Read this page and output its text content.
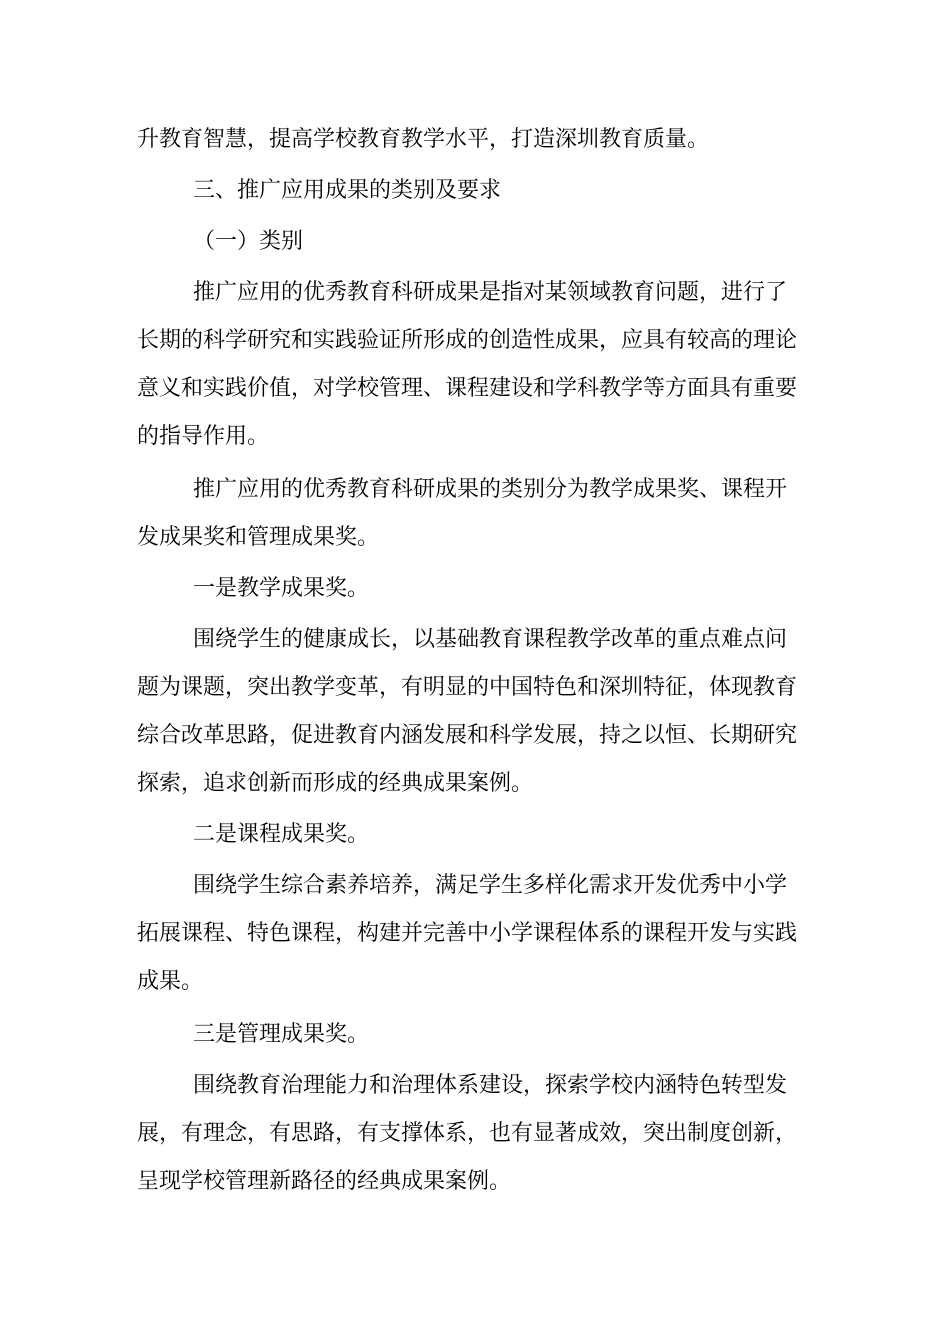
升教育智慧，提高学校教育教学水平，打造深圳教育质量。
三、推广应用成果的类别及要求
（一）类别
推广应用的优秀教育科研成果是指对某领域教育问题，进行了
长期的科学研究和实践验证所形成的创造性成果，应具有较高的理论
意义和实践价值，对学校管理、课程建设和学科教学等方面具有重要
的指导作用。
推广应用的优秀教育科研成果的类别分为教学成果奖、课程开
发成果奖和管理成果奖。
一是教学成果奖。
围绕学生的健康成长，以基础教育课程教学改革的重点难点问
题为课题，突出教学变革，有明显的中国特色和深圳特征，体现教育
综合改革思路，促进教育内涵发展和科学发展，持之以恒、长期研究
探索，追求创新而形成的经典成果案例。
二是课程成果奖。
围绕学生综合素养培养，满足学生多样化需求开发优秀中小学
拓展课程、特色课程，构建并完善中小学课程体系的课程开发与实践
成果。
三是管理成果奖。
围绕教育治理能力和治理体系建设，探索学校内涵特色转型发
展，有理念，有思路，有支撑体系，也有显著成效，突出制度创新，
呈现学校管理新路径的经典成果案例。
